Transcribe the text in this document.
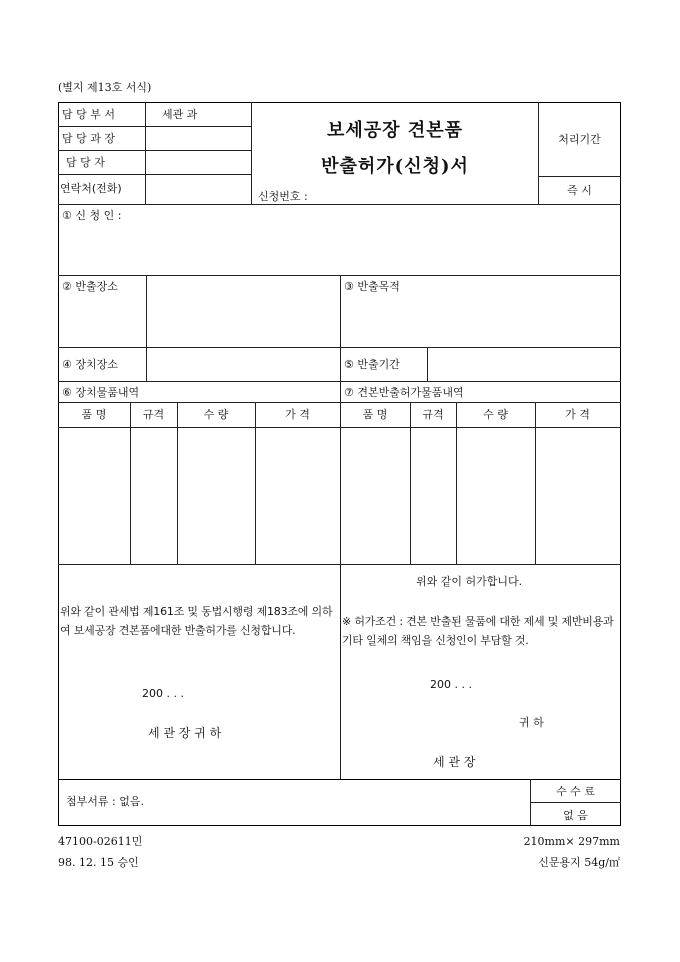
(별지 제13호 서식)
담 당 부 서	세관 과
담 당 과 장
담 당 자
연락처(전화)
보세공장 견본품
반출허가(신청)서
신청번호 :
처리기간
즉 시
① 신 청 인 :
② 반출장소	③ 반출목적
④ 장치장소	⑤ 반출기간
⑥ 장치물품내역	⑦ 견본반출허가물품내역
품 명	규격	수 량	가 격	품 명	규격	수 량	가 격
위와 같이 관세법 제161조 및 동법시행령 제183조에 의하여 보세공장 견본품에대한 반출허가를 신청합니다.
200 . . .
세 관 장 귀 하
위와 같이 허가합니다.
※ 허가조건 : 견본 반출된 물품에 대한 제세 및 제반비용과 기타 일체의 책임을 신청인이 부담할 것.
200 . . .
귀 하
세 관 장
첨부서류 : 없음.
수 수 료
없 음
47100-02611민
98. 12. 15 승인
210mm× 297mm
신문용지 54g/㎡
